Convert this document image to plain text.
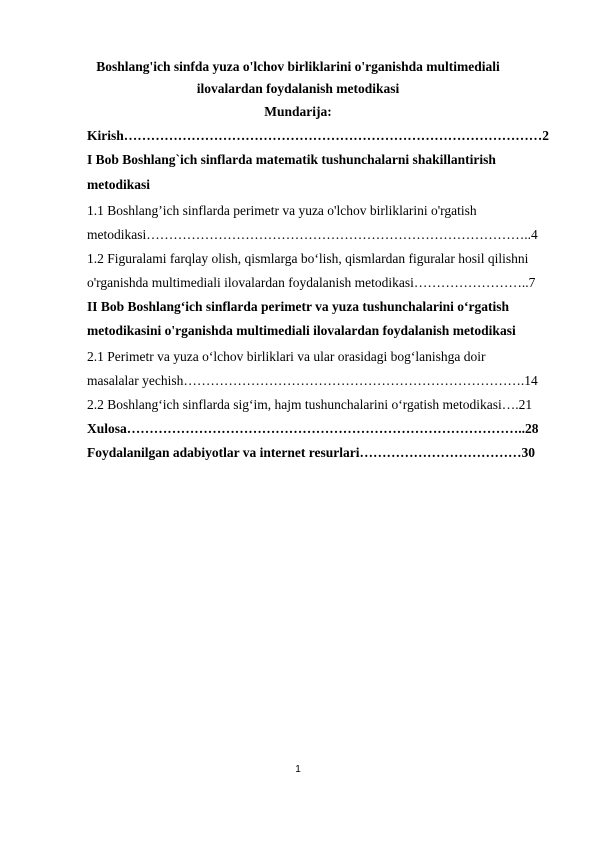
Boshlang'ich sinfda yuza o'lchov birliklarini o'rganishda multimediali
ilovalardan foydalanish metodikasi
Mundarija:
Kirish…………………………………………………………………………………2
I Bob Boshlang`ich sinflarda matematik tushunchalarni shakillantirish
metodikasi
1.1 Boshlang’ich sinflarda perimetr va yuza o'lchov birliklarini o'rgatish
metodikasi…………………………………………………………………………..4
1.2 Figuralami farqlay olish, qismlarga bo‘lish, qismlardan figuralar hosil qilishni
o'rganishda multimediali ilovalardan foydalanish metodikasi……………………..7
II Bob Boshlang‘ich sinflarda perimetr va yuza tushunchalarini o‘rgatish
metodikasini o'rganishda multimediali ilovalardan foydalanish metodikasi
2.1 Perimetr va yuza o‘lchov birliklari va ular orasidagi bog‘lanishga doir
masalalar yechish………………………………………………………………….14
2.2 Boshlang‘ich sinflarda sig‘im, hajm tushunchalarini o‘rgatish metodikasi….21
Xulosa……………………………………………………………………………..28
Foydalanilgan adabiyotlar va internet resurlari………………………………30
1
